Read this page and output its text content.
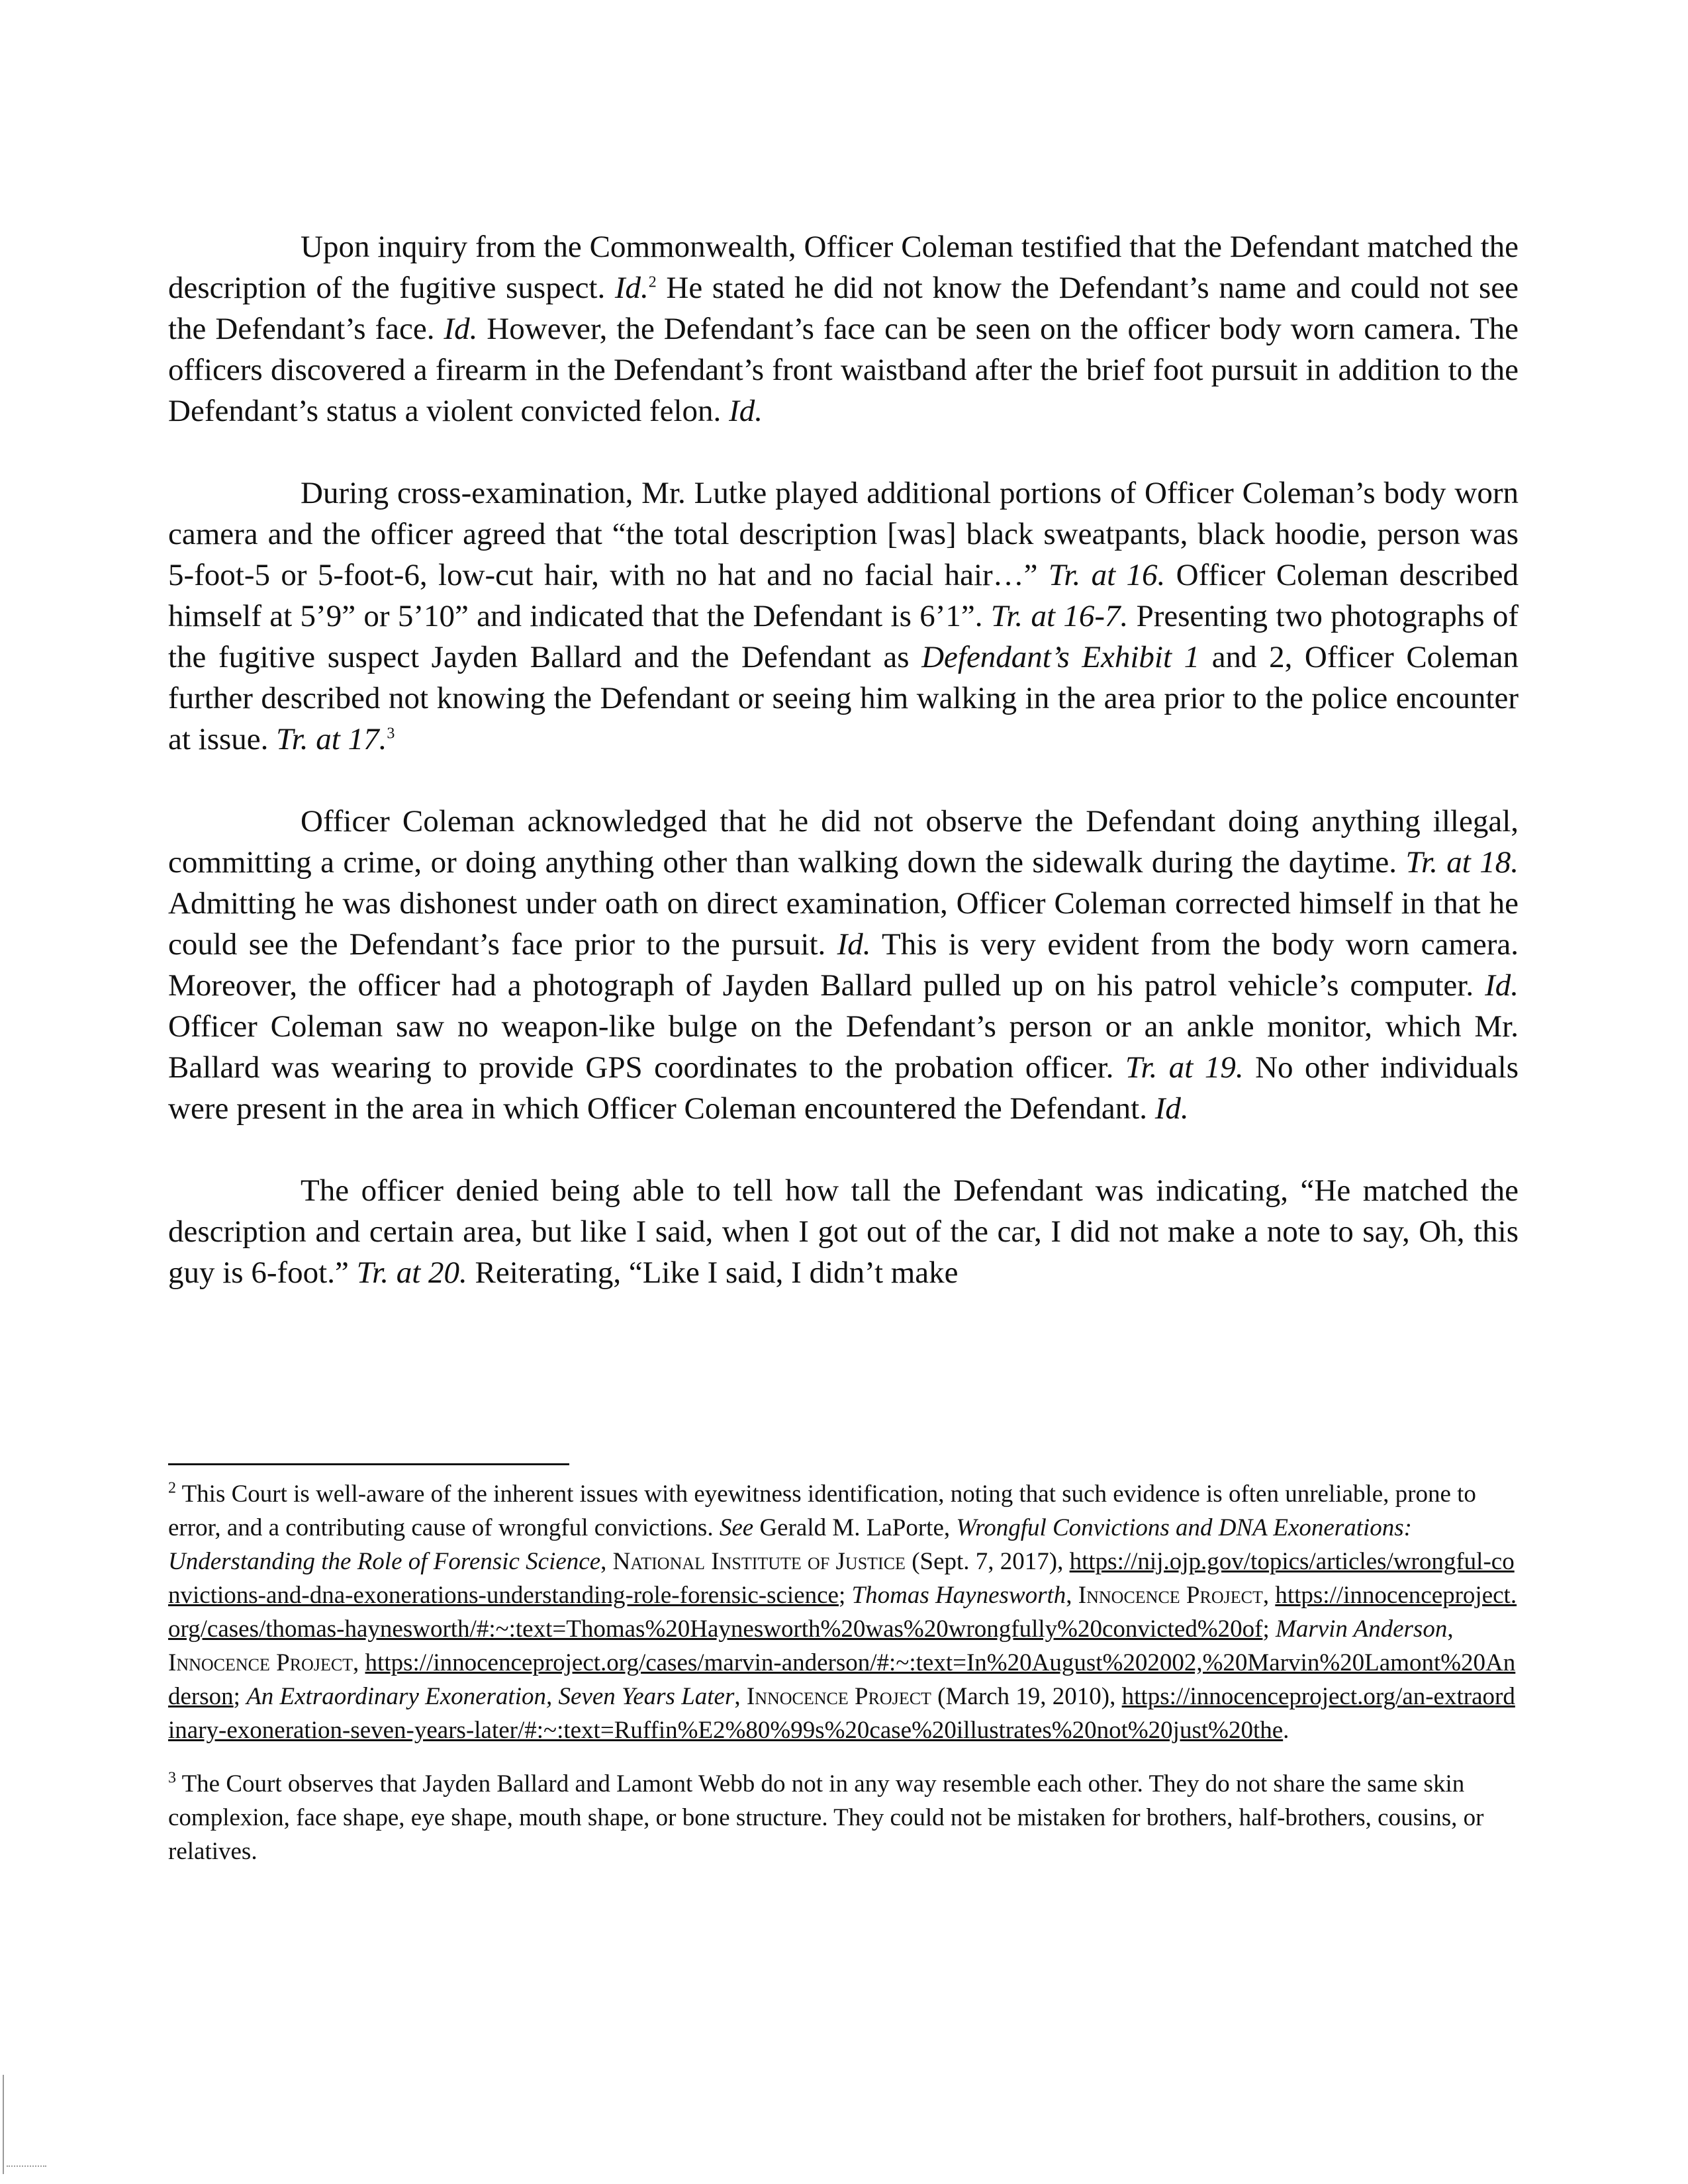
Upon inquiry from the Commonwealth, Officer Coleman testified that the Defendant matched the description of the fugitive suspect. Id.$^2$ He stated he did not know the Defendant’s name and could not see the Defendant’s face. Id. However, the Defendant’s face can be seen on the officer body worn camera. The officers discovered a firearm in the Defendant’s front waistband after the brief foot pursuit in addition to the Defendant’s status a violent convicted felon. Id.

During cross-examination, Mr. Lutke played additional portions of Officer Coleman’s body worn camera and the officer agreed that “the total description [was] black sweatpants, black hoodie, person was 5-foot-5 or 5-foot-6, low-cut hair, with no hat and no facial hair…” Tr. at 16. Officer Coleman described himself at 5’9” or 5’10” and indicated that the Defendant is 6’1”. Tr. at 16-7. Presenting two photographs of the fugitive suspect Jayden Ballard and the Defendant as Defendant’s Exhibit 1 and 2, Officer Coleman further described not knowing the Defendant or seeing him walking in the area prior to the police encounter at issue. Tr. at 17.$^3$

Officer Coleman acknowledged that he did not observe the Defendant doing anything illegal, committing a crime, or doing anything other than walking down the sidewalk during the daytime. Tr. at 18. Admitting he was dishonest under oath on direct examination, Officer Coleman corrected himself in that he could see the Defendant’s face prior to the pursuit. Id. This is very evident from the body worn camera. Moreover, the officer had a photograph of Jayden Ballard pulled up on his patrol vehicle’s computer. Id. Officer Coleman saw no weapon-like bulge on the Defendant’s person or an ankle monitor, which Mr. Ballard was wearing to provide GPS coordinates to the probation officer. Tr. at 19. No other individuals were present in the area in which Officer Coleman encountered the Defendant. Id.

The officer denied being able to tell how tall the Defendant was indicating, “He matched the description and certain area, but like I said, when I got out of the car, I did not make a note to say, Oh, this guy is 6-foot.” Tr. at 20. Reiterating, “Like I said, I didn’t make

$^2$ This Court is well-aware of the inherent issues with eyewitness identification, noting that such evidence is often unreliable, prone to error, and a contributing cause of wrongful convictions. See Gerald M. LaPorte, Wrongful Convictions and DNA Exonerations: Understanding the Role of Forensic Science, National Institute of Justice (Sept. 7, 2017), https://nij.ojp.gov/topics/articles/wrongful-convictions-and-dna-exonerations-understanding-role-forensic-science; Thomas Haynesworth, Innocence Project, https://innocenceproject.org/cases/thomas-haynesworth/#:~:text=Thomas%20Haynesworth%20was%20wrongfully%20convicted%20of; Marvin Anderson, Innocence Project, https://innocenceproject.org/cases/marvin-anderson/#:~:text=In%20August%202002,%20Marvin%20Lamont%20Anderson; An Extraordinary Exoneration, Seven Years Later, Innocence Project (March 19, 2010), https://innocenceproject.org/an-extraordinary-exoneration-seven-years-later/#:~:text=Ruffin%E2%80%99s%20case%20illustrates%20not%20just%20the.

$^3$ The Court observes that Jayden Ballard and Lamont Webb do not in any way resemble each other. They do not share the same skin complexion, face shape, eye shape, mouth shape, or bone structure. They could not be mistaken for brothers, half-brothers, cousins, or relatives.
